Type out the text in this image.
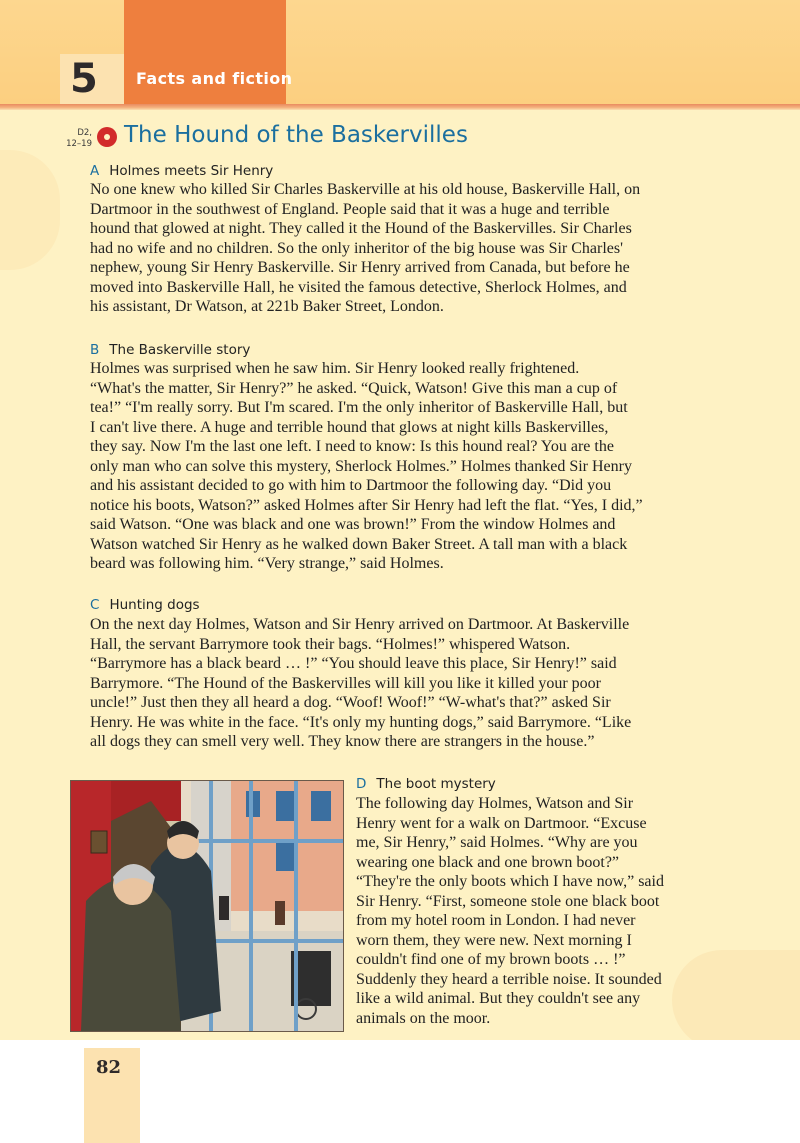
5 Facts and fiction
D2,
12–19 The Hound of the Baskervilles
A Holmes meets Sir Henry
No one knew who killed Sir Charles Baskerville at his old house, Baskerville Hall, on
Dartmoor in the southwest of England. People said that it was a huge and terrible
hound that glowed at night. They called it the Hound of the Baskervilles. Sir Charles
had no wife and no children. So the only inheritor of the big house was Sir Charles'
nephew, young Sir Henry Baskerville. Sir Henry arrived from Canada, but before he
moved into Baskerville Hall, he visited the famous detective, Sherlock Holmes, and
his assistant, Dr Watson, at 221b Baker Street, London.
B The Baskerville story
Holmes was surprised when he saw him. Sir Henry looked really frightened.
“What's the matter, Sir Henry?” he asked. “Quick, Watson! Give this man a cup of
tea!” “I'm really sorry. But I'm scared. I'm the only inheritor of Baskerville Hall, but
I can't live there. A huge and terrible hound that glows at night kills Baskervilles,
they say. Now I'm the last one left. I need to know: Is this hound real? You are the
only man who can solve this mystery, Sherlock Holmes.” Holmes thanked Sir Henry
and his assistant decided to go with him to Dartmoor the following day. “Did you
notice his boots, Watson?” asked Holmes after Sir Henry had left the flat. “Yes, I did,”
said Watson. “One was black and one was brown!” From the window Holmes and
Watson watched Sir Henry as he walked down Baker Street. A tall man with a black
beard was following him. “Very strange,” said Holmes.
C Hunting dogs
On the next day Holmes, Watson and Sir Henry arrived on Dartmoor. At Baskerville
Hall, the servant Barrymore took their bags. “Holmes!” whispered Watson.
“Barrymore has a black beard … !” “You should leave this place, Sir Henry!” said
Barrymore. “The Hound of the Baskervilles will kill you like it killed your poor
uncle!” Just then they all heard a dog. “Woof! Woof!” “W-what's that?” asked Sir
Henry. He was white in the face. “It's only my hunting dogs,” said Barrymore. “Like
all dogs they can smell very well. They know there are strangers in the house.”
D The boot mystery
The following day Holmes, Watson and Sir
Henry went for a walk on Dartmoor. “Excuse
me, Sir Henry,” said Holmes. “Why are you
wearing one black and one brown boot?”
“They're the only boots which I have now,” said
Sir Henry. “First, someone stole one black boot
from my hotel room in London. I had never
worn them, they were new. Next morning I
couldn't find one of my brown boots … !”
Suddenly they heard a terrible noise. It sounded
like a wild animal. But they couldn't see any
animals on the moor.
82
